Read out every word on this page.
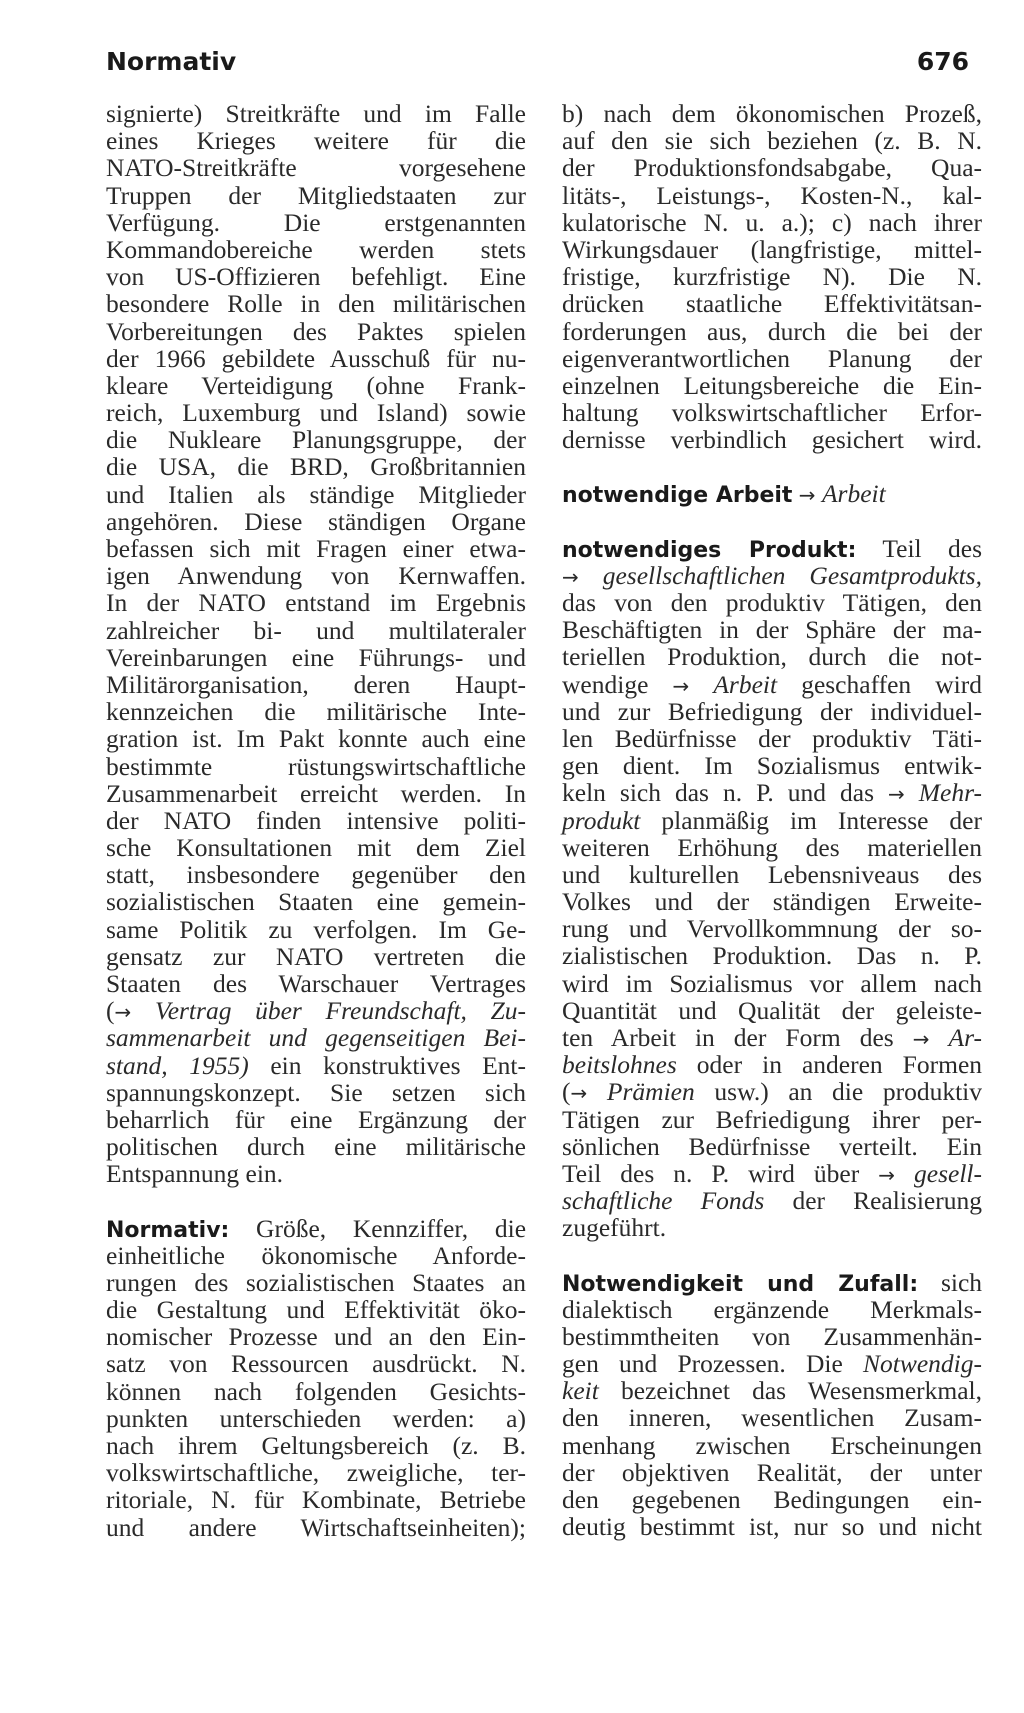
Normativ	676
signierte) Streitkräfte und im Falle
eines Krieges weitere für die
NATO-Streitkräfte vorgesehene
Truppen der Mitgliedstaaten zur
Verfügung. Die erstgenannten
Kommandobereiche werden stets
von US-Offizieren befehligt. Eine
besondere Rolle in den militärischen
Vorbereitungen des Paktes spielen
der 1966 gebildete Ausschuß für nu-
kleare Verteidigung (ohne Frank-
reich, Luxemburg und Island) sowie
die Nukleare Planungsgruppe, der
die USA, die BRD, Großbritannien
und Italien als ständige Mitglieder
angehören. Diese ständigen Organe
befassen sich mit Fragen einer etwa-
igen Anwendung von Kernwaffen.
In der NATO entstand im Ergebnis
zahlreicher bi- und multilateraler
Vereinbarungen eine Führungs- und
Militärorganisation, deren Haupt-
kennzeichen die militärische Inte-
gration ist. Im Pakt konnte auch eine
bestimmte rüstungswirtschaftliche
Zusammenarbeit erreicht werden. In
der NATO finden intensive politi-
sche Konsultationen mit dem Ziel
statt, insbesondere gegenüber den
sozialistischen Staaten eine gemein-
same Politik zu verfolgen. Im Ge-
gensatz zur NATO vertreten die
Staaten des Warschauer Vertrages
(→ Vertrag über Freundschaft, Zu-
sammenarbeit und gegenseitigen Bei-
stand, 1955) ein konstruktives Ent-
spannungskonzept. Sie setzen sich
beharrlich für eine Ergänzung der
politischen durch eine militärische
Entspannung ein.
Normativ: Größe, Kennziffer, die
einheitliche ökonomische Anforde-
rungen des sozialistischen Staates an
die Gestaltung und Effektivität öko-
nomischer Prozesse und an den Ein-
satz von Ressourcen ausdrückt. N.
können nach folgenden Gesichts-
punkten unterschieden werden: a)
nach ihrem Geltungsbereich (z. B.
volkswirtschaftliche, zweigliche, ter-
ritoriale, N. für Kombinate, Betriebe
und andere Wirtschaftseinheiten);
b) nach dem ökonomischen Prozeß,
auf den sie sich beziehen (z. B. N.
der Produktionsfondsabgabe, Qua-
litäts-, Leistungs-, Kosten-N., kal-
kulatorische N. u. a.); c) nach ihrer
Wirkungsdauer (langfristige, mittel-
fristige, kurzfristige N). Die N.
drücken staatliche Effektivitätsan-
forderungen aus, durch die bei der
eigenverantwortlichen Planung der
einzelnen Leitungsbereiche die Ein-
haltung volkswirtschaftlicher Erfor-
dernisse verbindlich gesichert wird.
notwendige Arbeit → Arbeit
notwendiges Produkt: Teil des
→ gesellschaftlichen Gesamtprodukts,
das von den produktiv Tätigen, den
Beschäftigten in der Sphäre der ma-
teriellen Produktion, durch die not-
wendige → Arbeit geschaffen wird
und zur Befriedigung der individuel-
len Bedürfnisse der produktiv Täti-
gen dient. Im Sozialismus entwik-
keln sich das n. P. und das → Mehr-
produkt planmäßig im Interesse der
weiteren Erhöhung des materiellen
und kulturellen Lebensniveaus des
Volkes und der ständigen Erweite-
rung und Vervollkommnung der so-
zialistischen Produktion. Das n. P.
wird im Sozialismus vor allem nach
Quantität und Qualität der geleiste-
ten Arbeit in der Form des → Ar-
beitslohnes oder in anderen Formen
(→ Prämien usw.) an die produktiv
Tätigen zur Befriedigung ihrer per-
sönlichen Bedürfnisse verteilt. Ein
Teil des n. P. wird über → gesell-
schaftliche Fonds der Realisierung
zugeführt.
Notwendigkeit und Zufall: sich
dialektisch ergänzende Merkmals-
bestimmtheiten von Zusammenhän-
gen und Prozessen. Die Notwendig-
keit bezeichnet das Wesensmerkmal,
den inneren, wesentlichen Zusam-
menhang zwischen Erscheinungen
der objektiven Realität, der unter
den gegebenen Bedingungen ein-
deutig bestimmt ist, nur so und nicht
